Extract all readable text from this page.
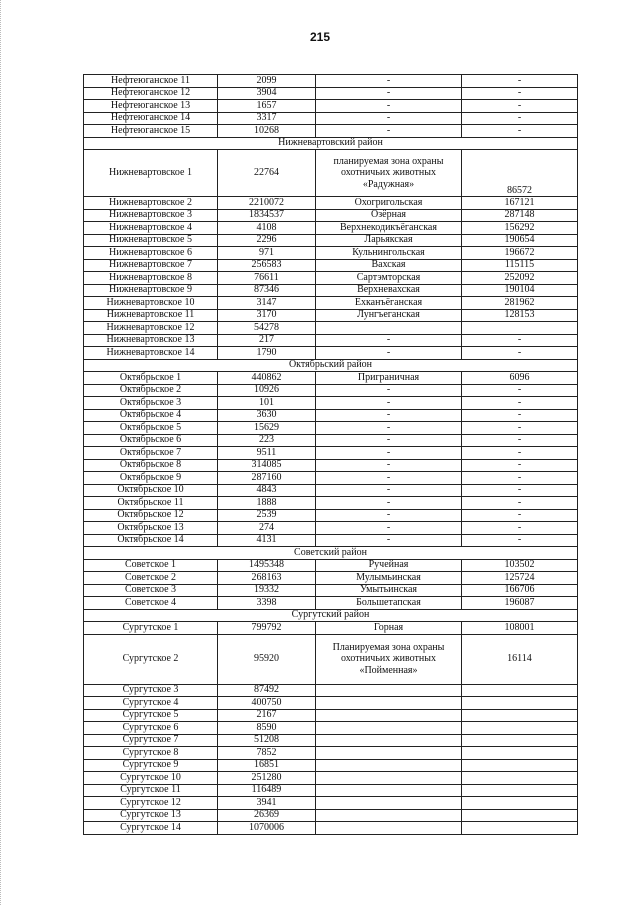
215
Нефтеюганское 11	2099	-	-
Нефтеюганское 12	3904	-	-
Нефтеюганское 13	1657	-	-
Нефтеюганское 14	3317	-	-
Нефтеюганское 15	10268	-	-
Нижневартовский район			
Нижневартовское 1	22764	планируемая зона охраны охотничьих животных «Радужная»	86572
Нижневартовское 2	2210072	Охогригольская	167121
Нижневартовское 3	1834537	Озёрная	287148
Нижневартовское 4	4108	Верхнекодикъёганская	156292
Нижневартовское 5	2296	Ларьякская	190654
Нижневартовское 6	971	Кульнингольская	196672
Нижневартовское 7	256583	Вахская	115115
Нижневартовское 8	76611	Сартэмторская	252092
Нижневартовское 9	87346	Верхневахская	190104
Нижневартовское 10	3147	Ехканъёганская	281962
Нижневартовское 11	3170	Лунгъеганская	128153
Нижневартовское 12	54278		
Нижневартовское 13	217	-	-
Нижневартовское 14	1790	-	-
Октябрьский район			
Октябрьское 1	440862	Приграничная	6096
Октябрьское 2	10926	-	-
Октябрьское 3	101	-	-
Октябрьское 4	3630	-	-
Октябрьское 5	15629	-	-
Октябрьское 6	223	-	-
Октябрьское 7	9511	-	-
Октябрьское 8	314085	-	-
Октябрьское 9	287160	-	-
Октябрьское 10	4843	-	-
Октябрьское 11	1888	-	-
Октябрьское 12	2539	-	-
Октябрьское 13	274	-	-
Октябрьское 14	4131	-	-
Советский район			
Советское 1	1495348	Ручейная	103502
Советское 2	268163	Мулымьинская	125724
Советское 3	19332	Умытьинская	166706
Советское 4	3398	Большетапская	196087
Сургутский район			
Сургутское 1	799792	Горная	108001
Сургутское 2	95920	Планируемая зона охраны охотничьих животных «Пойменная»	16114
Сургутское 3	87492		
Сургутское 4	400750		
Сургутское 5	2167		
Сургутское 6	8590		
Сургутское 7	51208		
Сургутское 8	7852		
Сургутское 9	16851		
Сургутское 10	251280		
Сургутское 11	116489		
Сургутское 12	3941		
Сургутское 13	26369		
Сургутское 14	1070006		
